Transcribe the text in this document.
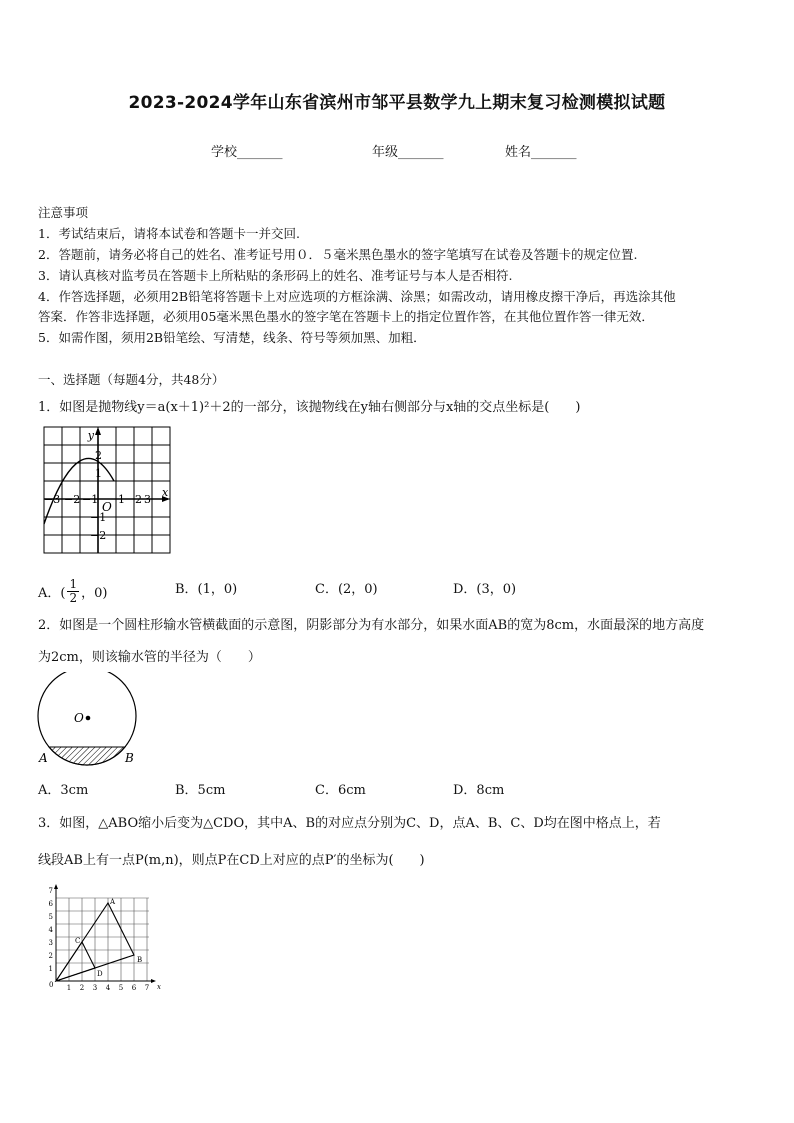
2023-2024学年山东省滨州市邹平县数学九上期末复习检测模拟试题
学校_______	年级_______	姓名_______
注意事项
1．考试结束后，请将本试卷和答题卡一并交回.
2．答题前，请务必将自己的姓名、准考证号用０．５毫米黑色墨水的签字笔填写在试卷及答题卡的规定位置.
3．请认真核对监考员在答题卡上所粘贴的条形码上的姓名、准考证号与本人是否相符.
4．作答选择题，必须用2B铅笔将答题卡上对应选项的方框涂满、涂黑；如需改动，请用橡皮擦干净后，再选涂其他
答案．作答非选择题，必须用05毫米黑色墨水的签字笔在答题卡上的指定位置作答，在其他位置作答一律无效．
5．如需作图，须用2B铅笔绘、写清楚，线条、符号等须加黑、加粗．
一、选择题（每题4分，共48分）
1．如图是抛物线y＝a(x＋1)²＋2的一部分，该抛物线在y轴右侧部分与x轴的交点坐标是(　　)
y
x
O
−3 −2 −1 1 2 3
2
1
−1
−2
A．( $\frac{1}{2}$ ，0)	B．(1，0)	C．(2，0)	D．(3，0)
2．如图是一个圆柱形输水管横截面的示意图，阴影部分为有水部分，如果水面AB的宽为8cm，水面最深的地方高度
为2cm，则该输水管的半径为（　　）
O
A	B
A．3cm	B．5cm	C．6cm	D．8cm
3．如图，△ABO缩小后变为△CDO，其中A、B的对应点分别为C、D，点A、B、C、D均在图中格点上，若
线段AB上有一点P(m,n)，则点P在CD上对应的点P′的坐标为(　　)
A
B
C
D
0	x
1 2 3 4 5 6 7
1
2
3
4
5
6
7
